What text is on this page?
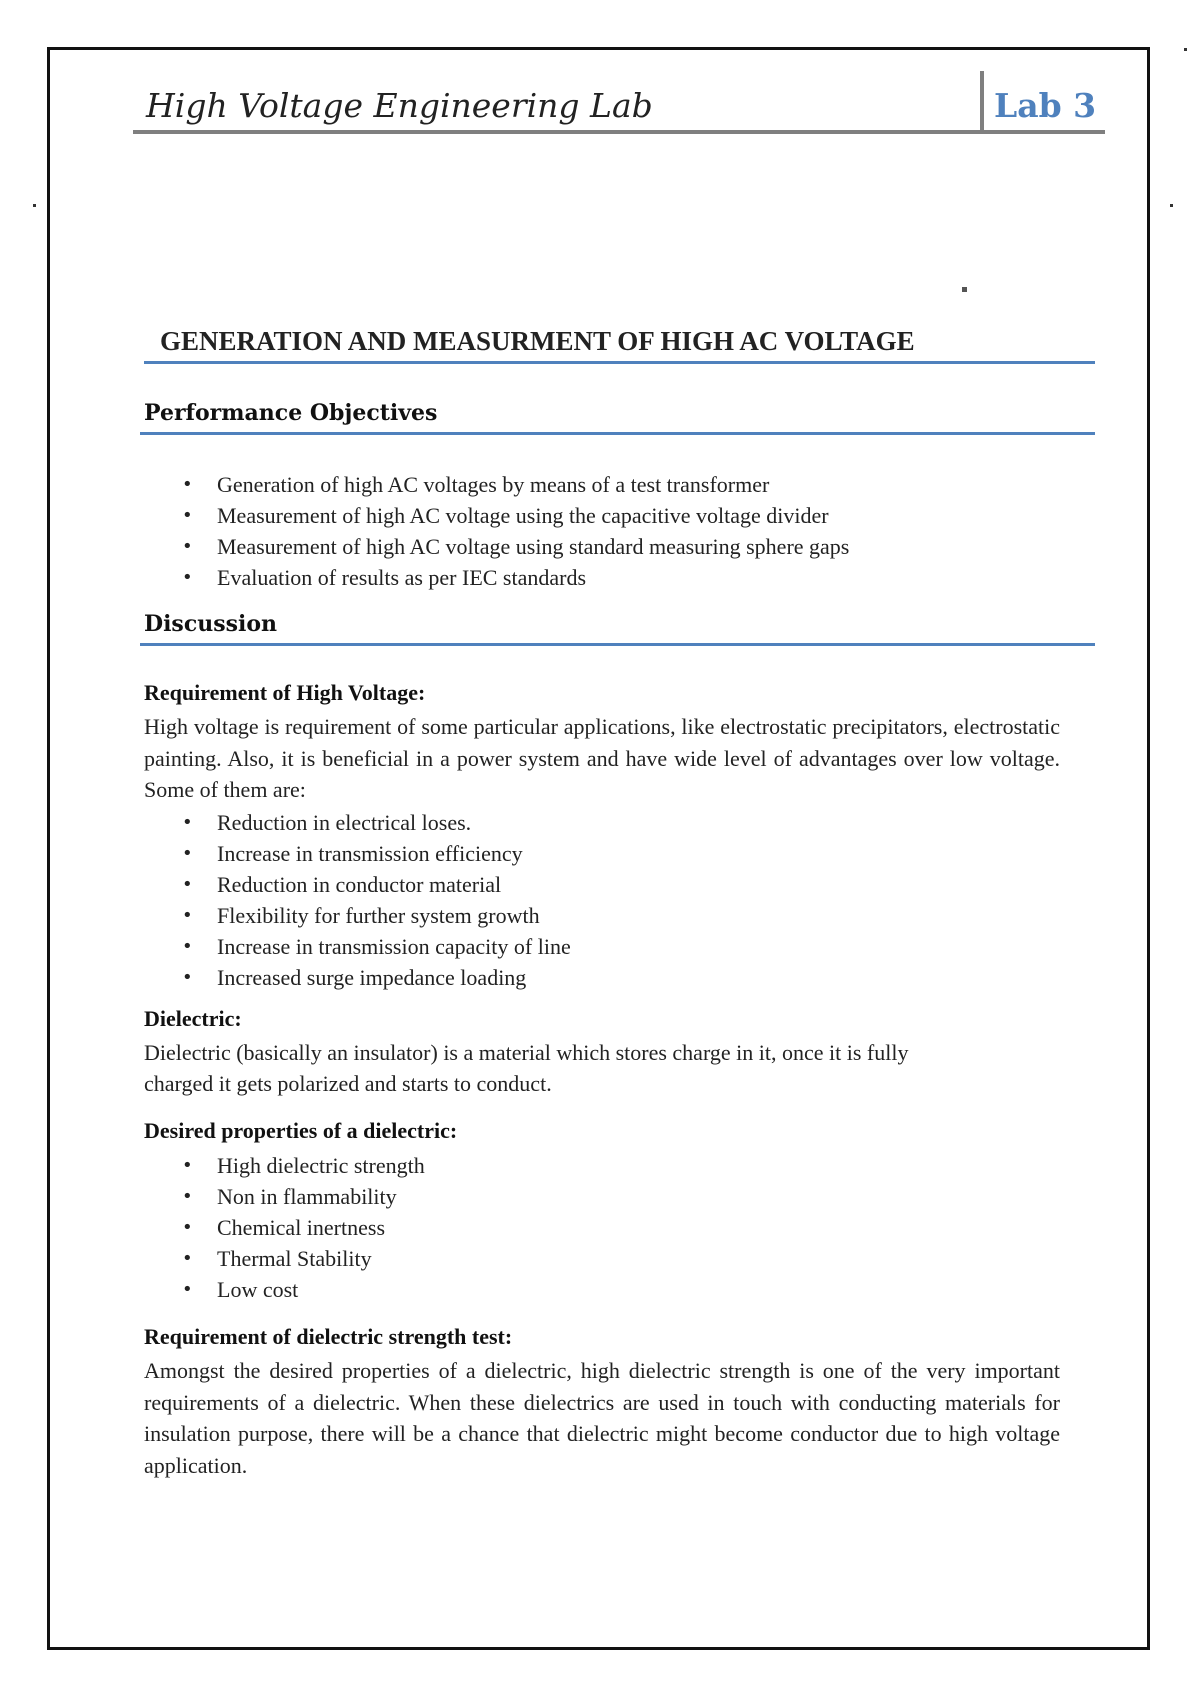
High Voltage Engineering Lab	Lab 3
GENERATION AND MEASURMENT OF HIGH AC VOLTAGE
Performance Objectives
• Generation of high AC voltages by means of a test transformer
• Measurement of high AC voltage using the capacitive voltage divider
• Measurement of high AC voltage using standard measuring sphere gaps
• Evaluation of results as per IEC standards
Discussion
Requirement of High Voltage:
High voltage is requirement of some particular applications, like electrostatic precipitators, electrostatic painting. Also, it is beneficial in a power system and have wide level of advantages over low voltage. Some of them are:
• Reduction in electrical loses.
• Increase in transmission efficiency
• Reduction in conductor material
• Flexibility for further system growth
• Increase in transmission capacity of line
• Increased surge impedance loading
Dielectric:
Dielectric (basically an insulator) is a material which stores charge in it, once it is fully
charged it gets polarized and starts to conduct.
Desired properties of a dielectric:
• High dielectric strength
• Non in flammability
• Chemical inertness
• Thermal Stability
• Low cost
Requirement of dielectric strength test:
Amongst the desired properties of a dielectric, high dielectric strength is one of the very important requirements of a dielectric. When these dielectrics are used in touch with conducting materials for insulation purpose, there will be a chance that dielectric might become conductor due to high voltage application.
